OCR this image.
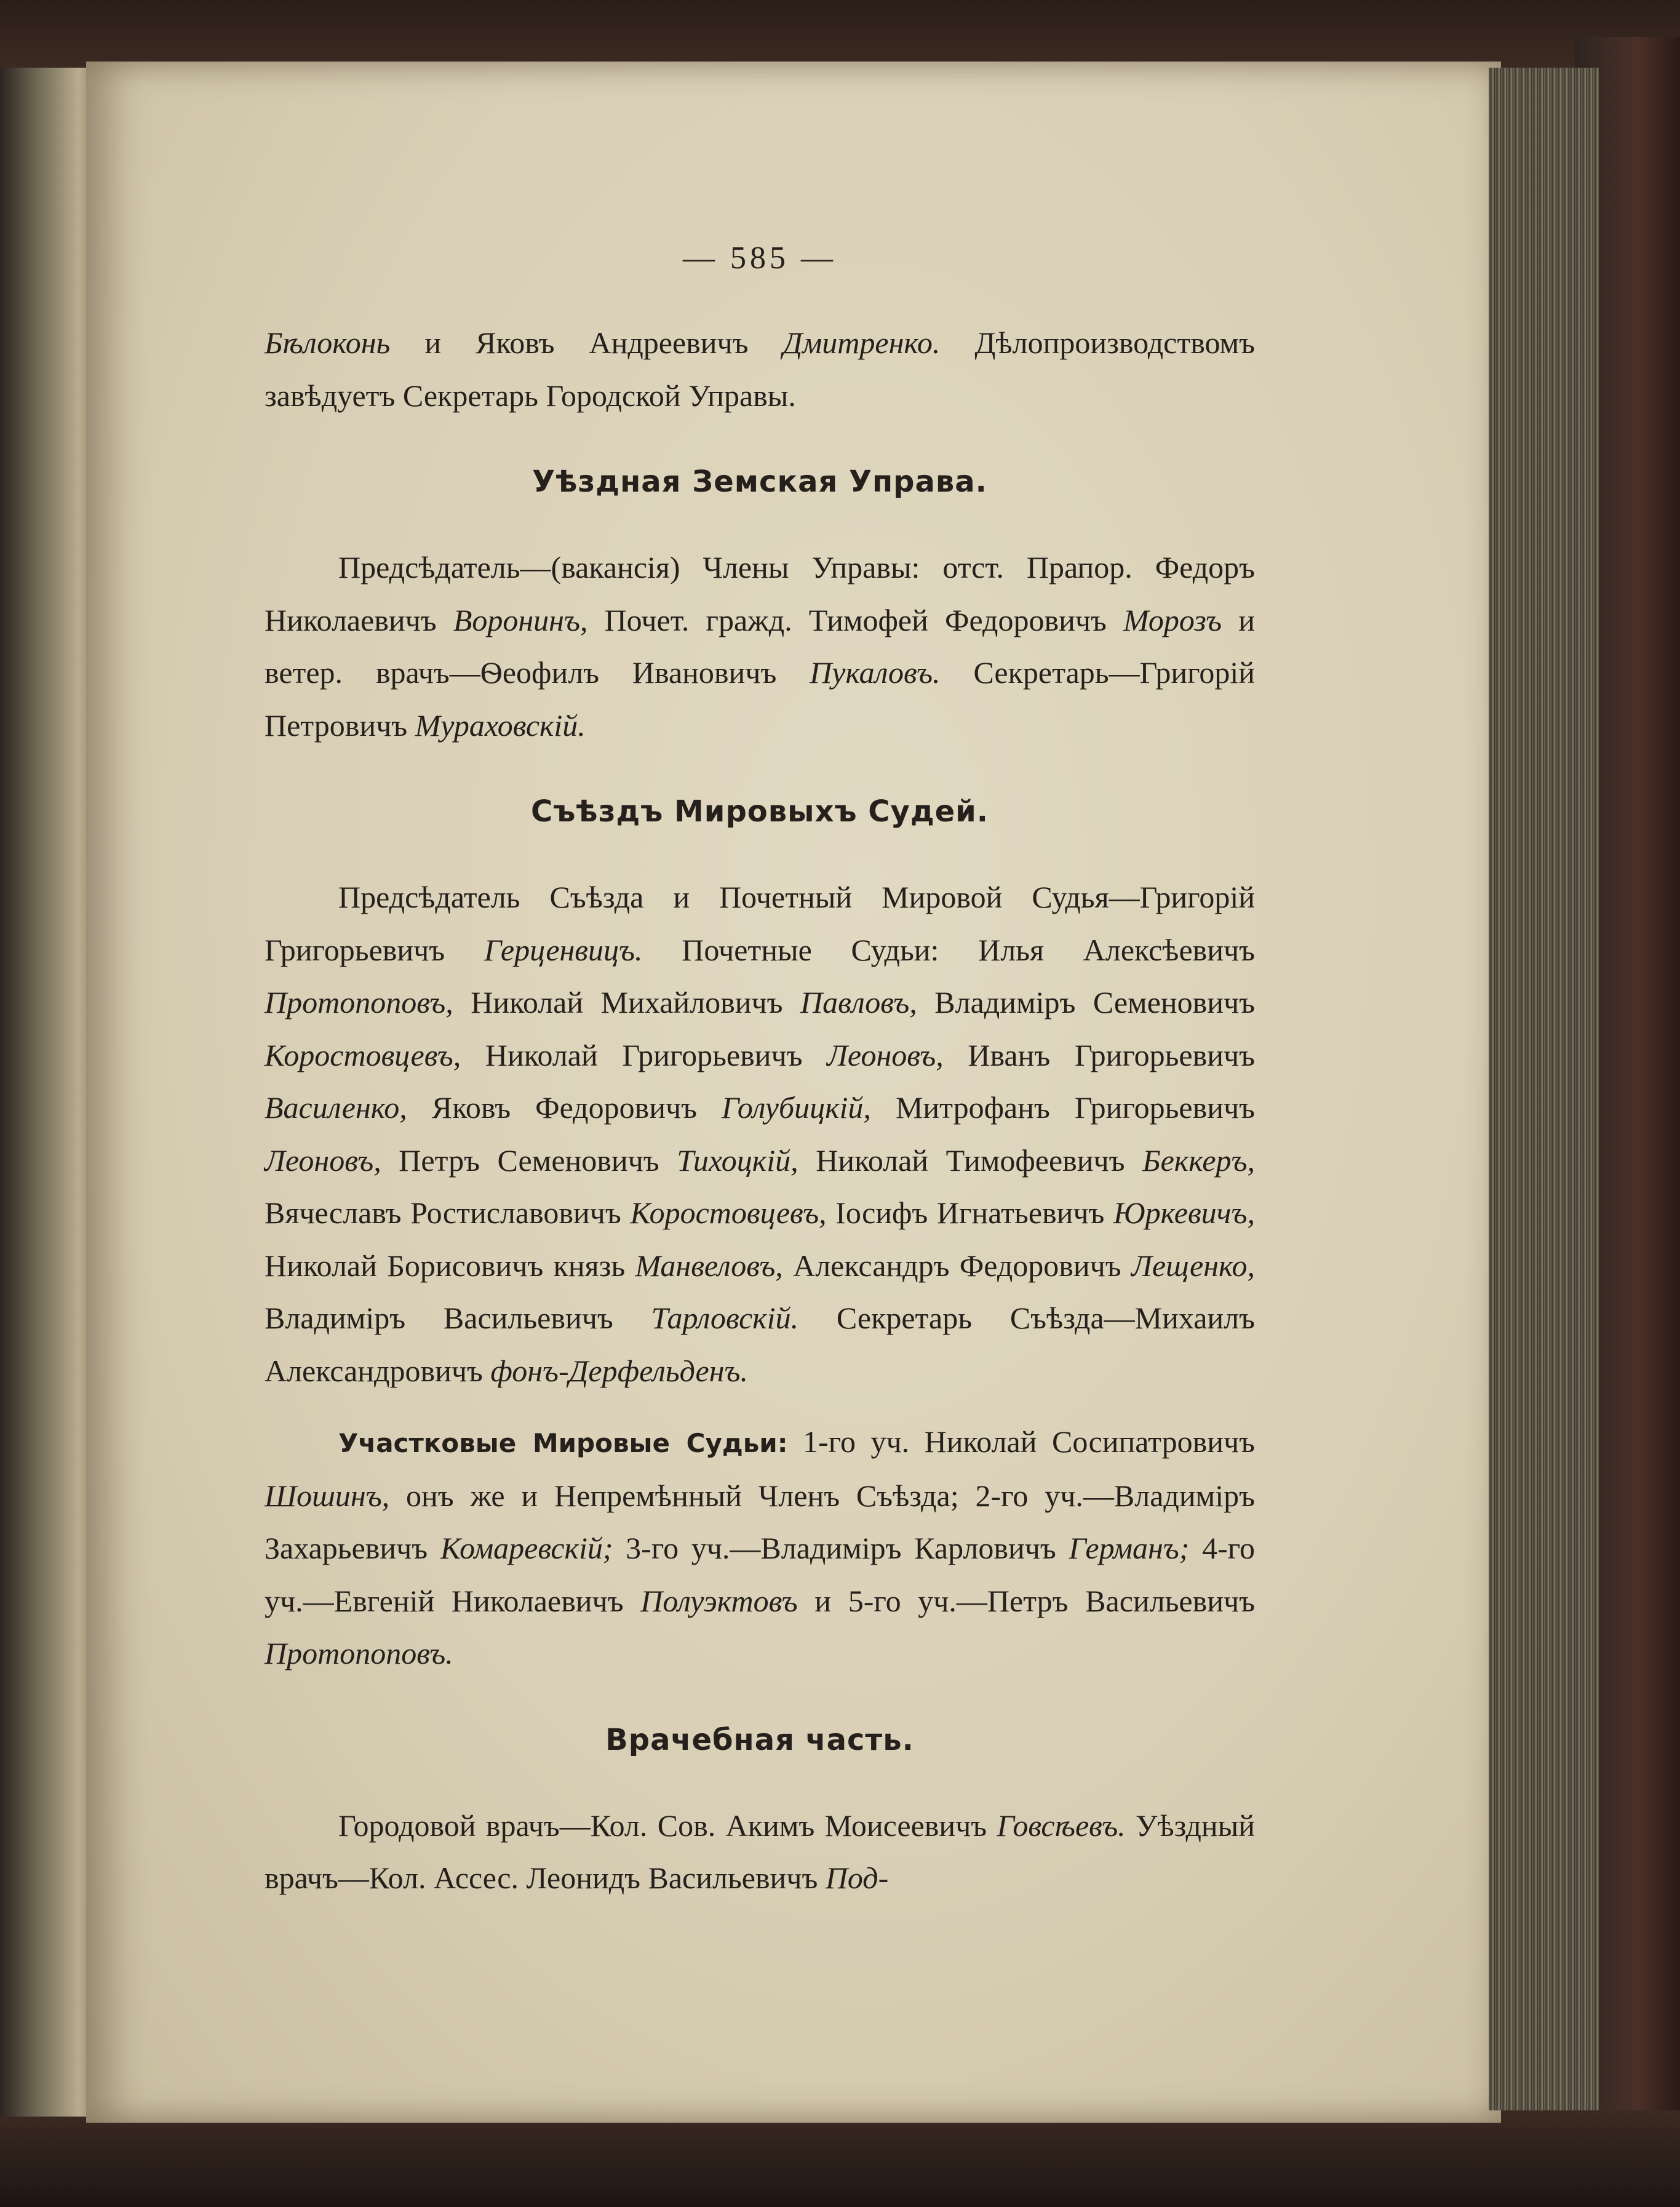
— 585 —

Бѣлоконь и Яковъ Андреевичъ Дмитренко. Дѣлопроизводствомъ завѣдуетъ Секретарь Городской Управы.

Уѣздная Земская Управа.

Предсѣдатель—(вакансія) Члены Управы: отст. Прапор. Федоръ Николаевичъ Воронинъ, Почет. гражд. Тимофей Федоровичъ Морозъ и ветер. врачъ—Ѳеофилъ Ивановичъ Пукаловъ. Секретарь—Григорій Петровичъ Мураховскій.

Съѣздъ Мировыхъ Судей.

Предсѣдатель Съѣзда и Почетный Мировой Судья—Григорій Григорьевичъ Герценвицъ. Почетные Судьи: Илья Алексѣевичъ Протопоповъ, Николай Михайловичъ Павловъ, Владиміръ Семеновичъ Коростовцевъ, Николай Григорьевичъ Леоновъ, Иванъ Григорьевичъ Василенко, Яковъ Федоровичъ Голубицкій, Митрофанъ Григорьевичъ Леоновъ, Петръ Семеновичъ Тихоцкій, Николай Тимофеевичъ Беккеръ, Вячеславъ Ростиславовичъ Коростовцевъ, Іосифъ Игнатьевичъ Юркевичъ, Николай Борисовичъ князь Манвеловъ, Александръ Федоровичъ Лещенко, Владиміръ Васильевичъ Тарловскій. Секретарь Съѣзда—Михаилъ Александровичъ фонъ-Дерфельденъ.

Участковые Мировые Судьи: 1-го уч. Николай Сосипатровичъ Шошинъ, онъ же и Непремѣнный Членъ Съѣзда; 2-го уч.—Владиміръ Захарьевичъ Комаревскій; 3-го уч.—Владиміръ Карловичъ Германъ; 4-го уч.—Евгеній Николаевичъ Полуэктовъ и 5-го уч.—Петръ Васильевичъ Протопоповъ.

Врачебная часть.

Городовой врачъ—Кол. Сов. Акимъ Моисеевичъ Говсѣевъ. Уѣздный врачъ—Кол. Ассес. Леонидъ Васильевичъ Под-
